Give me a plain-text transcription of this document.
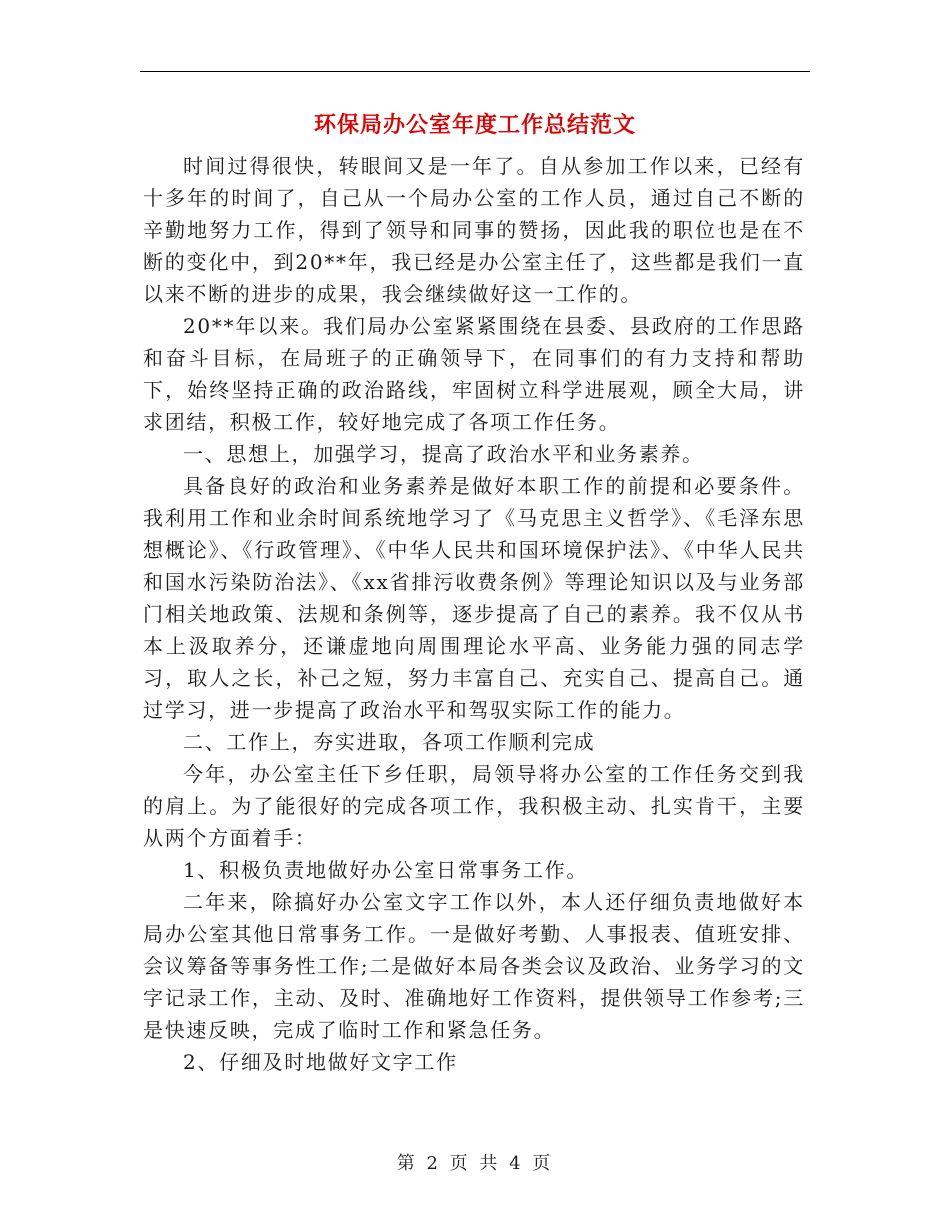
环保局办公室年度工作总结范文

时间过得很快，转眼间又是一年了。自从参加工作以来，已经有十多年的时间了，自己从一个局办公室的工作人员，通过自己不断的辛勤地努力工作，得到了领导和同事的赞扬，因此我的职位也是在不断的变化中，到20**年，我已经是办公室主任了，这些都是我们一直以来不断的进步的成果，我会继续做好这一工作的。

20**年以来。我们局办公室紧紧围绕在县委、县政府的工作思路和奋斗目标，在局班子的正确领导下，在同事们的有力支持和帮助下，始终坚持正确的政治路线，牢固树立科学进展观，顾全大局，讲求团结，积极工作，较好地完成了各项工作任务。

一、思想上，加强学习，提高了政治水平和业务素养。

具备良好的政治和业务素养是做好本职工作的前提和必要条件。我利用工作和业余时间系统地学习了《马克思主义哲学》、《毛泽东思想概论》、《行政管理》、《中华人民共和国环境保护法》、《中华人民共和国水污染防治法》、《xx省排污收费条例》等理论知识以及与业务部门相关地政策、法规和条例等，逐步提高了自己的素养。我不仅从书本上汲取养分，还谦虚地向周围理论水平高、业务能力强的同志学习，取人之长，补己之短，努力丰富自己、充实自己、提高自己。通过学习，进一步提高了政治水平和驾驭实际工作的能力。

二、工作上，夯实进取，各项工作顺利完成

今年，办公室主任下乡任职，局领导将办公室的工作任务交到我的肩上。为了能很好的完成各项工作，我积极主动、扎实肯干，主要从两个方面着手：

1、积极负责地做好办公室日常事务工作。

二年来，除搞好办公室文字工作以外，本人还仔细负责地做好本局办公室其他日常事务工作。一是做好考勤、人事报表、值班安排、会议筹备等事务性工作;二是做好本局各类会议及政治、业务学习的文字记录工作，主动、及时、准确地好工作资料，提供领导工作参考;三是快速反映，完成了临时工作和紧急任务。

2、仔细及时地做好文字工作

第 2 页 共 4 页
